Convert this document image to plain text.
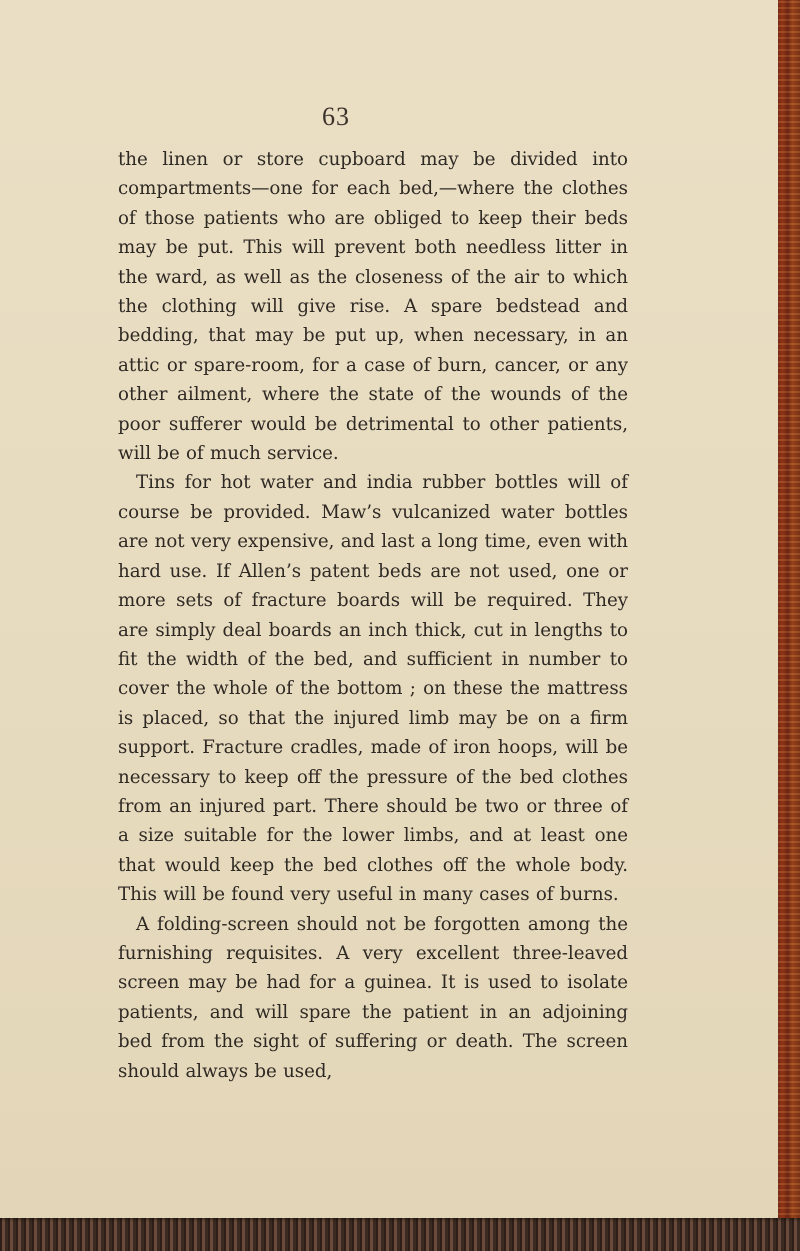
63

the linen or store cupboard may be divided into compartments—one for each bed,—where the clothes of those patients who are obliged to keep their beds may be put. This will prevent both needless litter in the ward, as well as the closeness of the air to which the clothing will give rise. A spare bedstead and bedding, that may be put up, when necessary, in an attic or spare-room, for a case of burn, cancer, or any other ailment, where the state of the wounds of the poor sufferer would be detrimental to other patients, will be of much service.

Tins for hot water and india rubber bottles will of course be provided. Maw’s vulcanized water bottles are not very expensive, and last a long time, even with hard use. If Allen’s patent beds are not used, one or more sets of fracture boards will be required. They are simply deal boards an inch thick, cut in lengths to fit the width of the bed, and sufficient in number to cover the whole of the bottom ; on these the mattress is placed, so that the injured limb may be on a firm support. Fracture cradles, made of iron hoops, will be necessary to keep off the pressure of the bed clothes from an injured part. There should be two or three of a size suitable for the lower limbs, and at least one that would keep the bed clothes off the whole body. This will be found very useful in many cases of burns.

A folding-screen should not be forgotten among the furnishing requisites. A very excellent three-leaved screen may be had for a guinea. It is used to isolate patients, and will spare the patient in an adjoining bed from the sight of suffering or death. The screen should always be used,
